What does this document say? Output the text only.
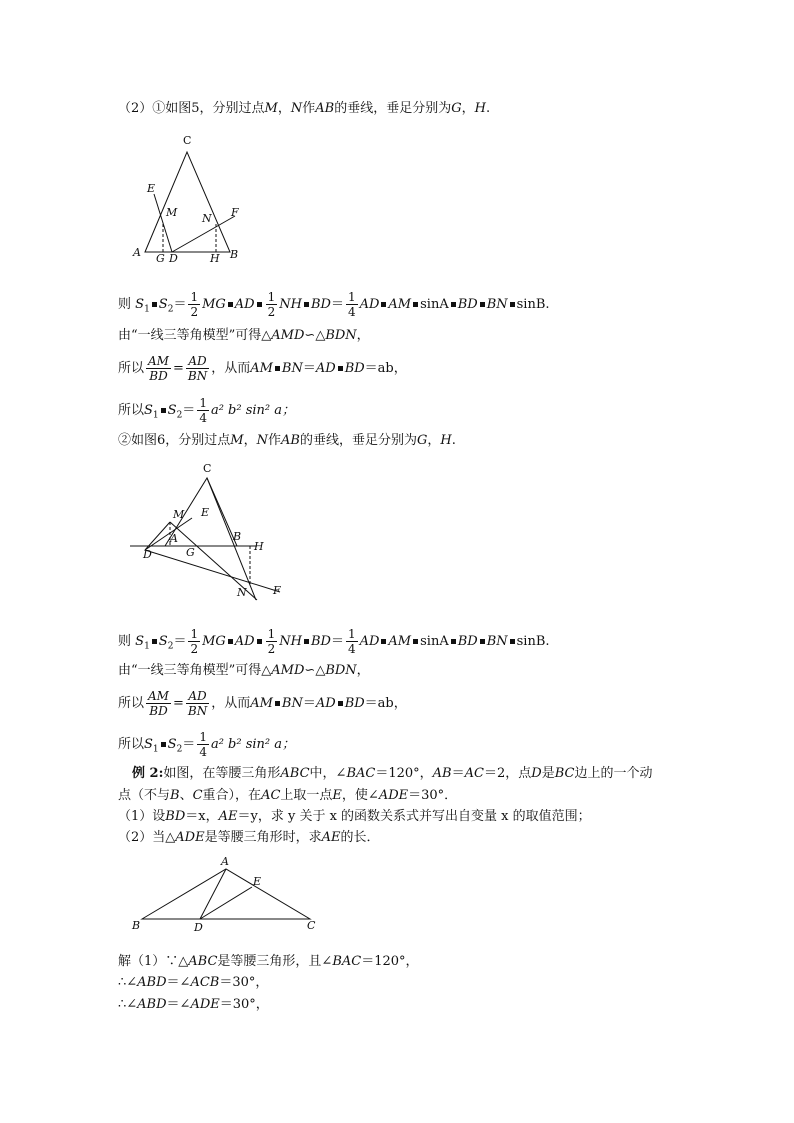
（2）①如图5，分别过点M，N作AB的垂线，垂足分别为G，H.
C
E
M N F
A G D	H B
则 $S_1$ $S_2= \frac{1}{2}$ MG AD $\frac{1}{2}$ NH $BD= \frac{1}{4}$ AD AM sinA BD BN sinB.
由“一线三等角模型”可得△AMD∽△BDN，
所以 $\frac{AM}{BD} = \frac{AD}{BN}$ ，从而AM BN＝AD BD＝ab，
所以$S_1$ $S_2= \frac{1}{4} a^2$ b² sin² a；
②如图6，分别过点M，N作AB的垂线，垂足分别为G，H.
C
M E
A
D	G
B
H
N F
则 $S_1$ $S_2= \frac{1}{2}$ MG AD $\frac{1}{2}$ NH $BD= \frac{1}{4}$ AD AM sinA BD BN sinB.
由“一线三等角模型”可得△AMD∽△BDN，
所以 $\frac{AM}{BD} = \frac{AD}{BN}$ ，从而AM BN＝AD BD＝ab，
所以$S_1$ $S_2= \frac{1}{4} a^2$ b² sin² a；
例 2:如图，在等腰三角形ABC中，∠BAC＝120°，AB＝AC＝2，点D是BC边上的一个动
点（不与B、C重合），在AC上取一点E，使∠ADE＝30°．
（1）设BD＝x，AE＝y，求 y 关于 x 的函数关系式并写出自变量 x 的取值范围；
（2）当△ADE是等腰三角形时，求AE的长．
A
E
B	D	C
解（1）∵△ABC是等腰三角形，且∠BAC＝120°，
∴∠ABD＝∠ACB＝30°，
∴∠ABD＝∠ADE＝30°，
